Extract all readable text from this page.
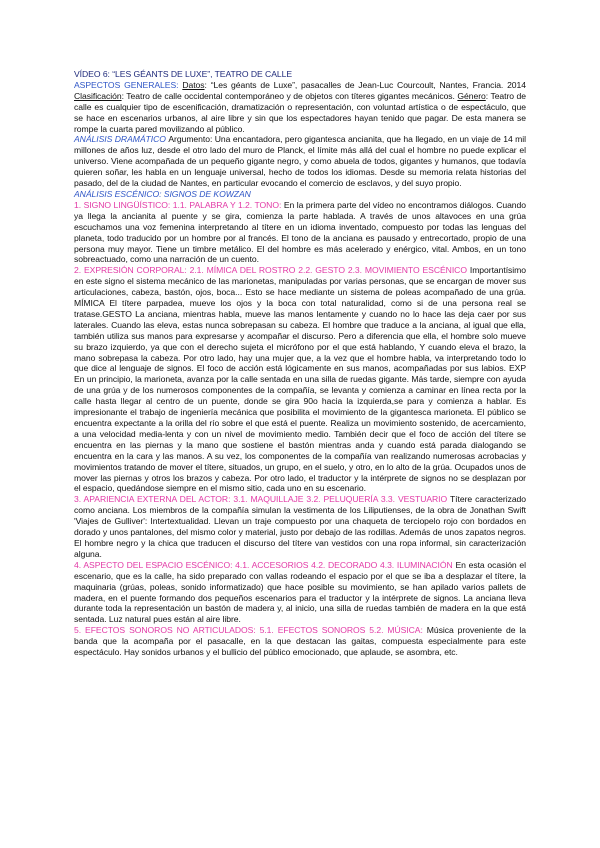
VÍDEO 6: “LES GÉANTS DE LUXE”, TEATRO DE CALLE

ASPECTOS GENERALES: Datos: “Les géants de Luxe”, pasacalles de Jean-Luc Courcoult, Nantes, Francia. 2014 Clasificación: Teatro de calle occidental contemporáneo y de objetos con títeres gigantes mecánicos. Género: Teatro de calle es cualquier tipo de escenificación, dramatización o representación, con voluntad artística o de espectáculo, que se hace en escenarios urbanos, al aire libre y sin que los espectadores hayan tenido que pagar. De esta manera se rompe la cuarta pared movilizando al público.

ANÁLISIS DRAMÁTICO Argumento: Una encantadora, pero gigantesca ancianita, que ha llegado, en un viaje de 14 mil millones de años luz, desde el otro lado del muro de Planck, el límite más allá del cual el hombre no puede explicar el universo. Viene acompañada de un pequeño gigante negro, y como abuela de todos, gigantes y humanos, que todavía quieren soñar, les habla en un lenguaje universal, hecho de todos los idiomas. Desde su memoria relata historias del pasado, del de la ciudad de Nantes, en particular evocando el comercio de esclavos, y del suyo propio.

ANÁLISIS ESCÉNICO: SIGNOS DE KOWZAN

1. SIGNO LINGÜÍSTICO: 1.1. PALABRA Y 1.2. TONO: En la primera parte del vídeo no encontramos diálogos. Cuando ya llega la ancianita al puente y se gira, comienza la parte hablada. A través de unos altavoces en una grúa escuchamos una voz femenina interpretando al títere en un idioma inventado, compuesto por todas las lenguas del planeta, todo traducido por un hombre por al francés. El tono de la anciana es pausado y entrecortado, propio de una persona muy mayor. Tiene un timbre metálico. El del hombre es más acelerado y enérgico, vital. Ambos, en un tono sobreactuado, como una narración de un cuento.

2. EXPRESIÓN CORPORAL: 2.1. MÍMICA DEL ROSTRO 2.2. GESTO 2.3. MOVIMIENTO ESCÉNICO Importantísimo en este signo el sistema mecánico de las marionetas, manipuladas por varias personas, que se encargan de mover sus articulaciones, cabeza, bastón, ojos, boca... Esto se hace mediante un sistema de poleas acompañado de una grúa. MÍMICA El títere parpadea, mueve los ojos y la boca con total naturalidad, como si de una persona real se tratase.GESTO La anciana, mientras habla, mueve las manos lentamente y cuando no lo hace las deja caer por sus laterales. Cuando las eleva, estas nunca sobrepasan su cabeza. El hombre que traduce a la anciana, al igual que ella, también utiliza sus manos para expresarse y acompañar el discurso. Pero a diferencia que ella, el hombre solo mueve su brazo izquierdo, ya que con el derecho sujeta el micrófono por el que está hablando, Y cuando eleva el brazo, la mano sobrepasa la cabeza. Por otro lado, hay una mujer que, a la vez que el hombre habla, va interpretando todo lo que dice al lenguaje de signos. El foco de acción está lógicamente en sus manos, acompañadas por sus labios. EXP En un principio, la marioneta, avanza por la calle sentada en una silla de ruedas gigante. Más tarde, siempre con ayuda de una grúa y de los numerosos componentes de la compañía, se levanta y comienza a caminar en línea recta por la calle hasta llegar al centro de un puente, donde se gira 90o hacia la izquierda,se para y comienza a hablar. Es impresionante el trabajo de ingeniería mecánica que posibilita el movimiento de la gigantesca marioneta. El público se encuentra expectante a la orilla del río sobre el que está el puente. Realiza un movimiento sostenido, de acercamiento, a una velocidad media-lenta y con un nivel de movimiento medio. También decir que el foco de acción del títere se encuentra en las piernas y la mano que sostiene el bastón mientras anda y cuando está parada dialogando se encuentra en la cara y las manos. A su vez, los componentes de la compañía van realizando numerosas acrobacias y movimientos tratando de mover el títere, situados, un grupo, en el suelo, y otro, en lo alto de la grúa. Ocupados unos de mover las piernas y otros los brazos y cabeza. Por otro lado, el traductor y la intérprete de signos no se desplazan por el espacio, quedándose siempre en el mismo sitio, cada uno en su escenario.

3. APARIENCIA EXTERNA DEL ACTOR: 3.1. MAQUILLAJE 3.2. PELUQUERÍA 3.3. VESTUARIO Títere caracterizado como anciana. Los miembros de la compañía simulan la vestimenta de los Liliputienses, de la obra de Jonathan Swift 'Viajes de Gulliver': Intertextualidad. Llevan un traje compuesto por una chaqueta de terciopelo rojo con bordados en dorado y unos pantalones, del mismo color y material, justo por debajo de las rodillas. Además de unos zapatos negros. El hombre negro y la chica que traducen el discurso del títere van vestidos con una ropa informal, sin caracterización alguna.

4. ASPECTO DEL ESPACIO ESCÉNICO: 4.1. ACCESORIOS 4.2. DECORADO 4.3. ILUMINACIÓN En esta ocasión el escenario, que es la calle, ha sido preparado con vallas rodeando el espacio por el que se iba a desplazar el títere, la maquinaria (grúas, poleas, sonido informatizado) que hace posible su movimiento, se han apilado varios pallets de madera, en el puente formando dos pequeños escenarios para el traductor y la intérprete de signos. La anciana lleva durante toda la representación un bastón de madera y, al inicio, una silla de ruedas también de madera en la que está sentada. Luz natural pues están al aire libre.

5. EFECTOS SONOROS NO ARTICULADOS: 5.1. EFECTOS SONOROS 5.2. MÚSICA: Música proveniente de la banda que la acompaña por el pasacalle, en la que destacan las gaitas, compuesta especialmente para este espectáculo. Hay sonidos urbanos y el bullicio del público emocionado, que aplaude, se asombra, etc.
